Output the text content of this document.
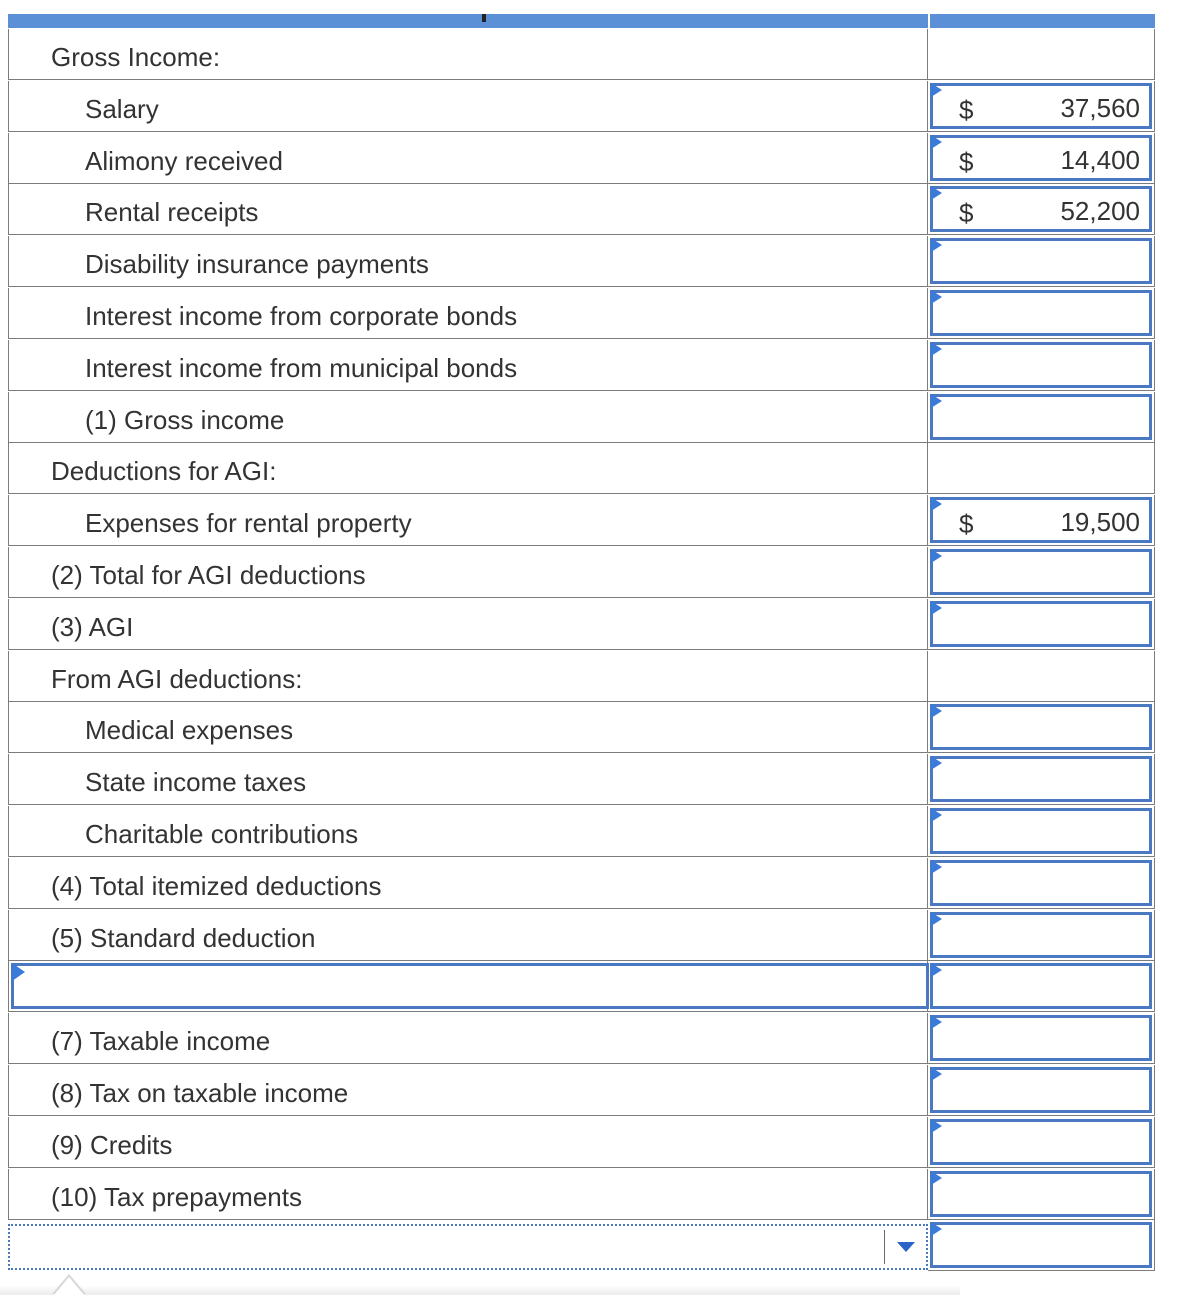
Gross Income:
Salary	$	37,560
Alimony received	$	14,400
Rental receipts	$	52,200
Disability insurance payments
Interest income from corporate bonds
Interest income from municipal bonds
(1) Gross income
Deductions for AGI:
Expenses for rental property	$	19,500
(2) Total for AGI deductions
(3) AGI
From AGI deductions:
Medical expenses
State income taxes
Charitable contributions
(4) Total itemized deductions
(5) Standard deduction
(7) Taxable income
(8) Tax on taxable income
(9) Credits
(10) Tax prepayments
